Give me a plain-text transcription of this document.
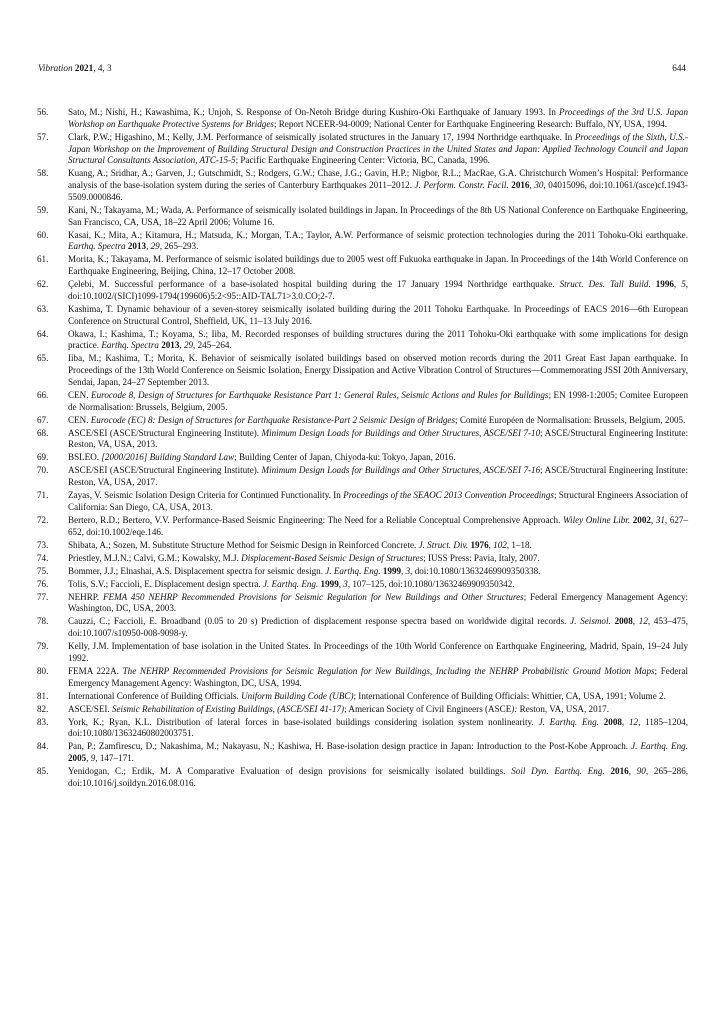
Vibration 2021, 4, 3	644
56.	Sato, M.; Nishi, H.; Kawashima, K.; Unjoh, S. Response of On-Netoh Bridge during Kushiro-Oki Earthquake of January 1993. In Proceedings of the 3rd U.S. Japan Workshop on Earthquake Protective Systems for Bridges; Report NCEER-94-0009; National Center for Earthquake Engineering Research: Buffalo, NY, USA, 1994.
57.	Clark, P.W.; Higashino, M.; Kelly, J.M. Performance of seismically isolated structures in the January 17, 1994 Northridge earthquake. In Proceedings of the Sixth, U.S.-Japan Workshop on the Improvement of Building Structural Design and Construction Practices in the United States and Japan: Applied Technology Council and Japan Structural Consultants Association, ATC-15-5; Pacific Earthquake Engineering Center: Victoria, BC, Canada, 1996.
58.	Kuang, A.; Sridhar, A.; Garven, J.; Gutschmidt, S.; Rodgers, G.W.; Chase, J.G.; Gavin, H.P.; Nigbor, R.L.; MacRae, G.A. Christchurch Women’s Hospital: Performance analysis of the base-isolation system during the series of Canterbury Earthquakes 2011–2012. J. Perform. Constr. Facil. 2016, 30, 04015096, doi:10.1061/(asce)cf.1943-5509.0000846.
59.	Kani, N.; Takayama, M.; Wada, A. Performance of seismically isolated buildings in Japan. In Proceedings of the 8th US National Conference on Earthquake Engineering, San Francisco, CA, USA, 18–22 April 2006; Volume 16.
60.	Kasai, K.; Mita, A.; Kitamura, H.; Matsuda, K.; Morgan, T.A.; Taylor, A.W. Performance of seismic protection technologies during the 2011 Tohoku-Oki earthquake. Earthq. Spectra 2013, 29, 265–293.
61.	Morita, K.; Takayama, M. Performance of seismic isolated buildings due to 2005 west off Fukuoka earthquake in Japan. In Proceedings of the 14th World Conference on Earthquake Engineering, Beijing, China, 12–17 October 2008.
62.	Çelebi, M. Successful performance of a base-isolated hospital building during the 17 January 1994 Northridge earthquake. Struct. Des. Tall Build. 1996, 5, doi:10.1002/(SICI)1099-1794(199606)5:2<95::AID-TAL71>3.0.CO;2-7.
63.	Kashima, T. Dynamic behaviour of a seven-storey seismically isolated building during the 2011 Tohoku Earthquake. In Proceedings of EACS 2016—6th European Conference on Structural Control, Sheffield, UK, 11–13 July 2016.
64.	Okawa, I.; Kashima, T.; Koyama, S.; Iiba, M. Recorded responses of building structures during the 2011 Tohoku-Oki earthquake with some implications for design practice. Earthq. Spectra 2013, 29, 245–264.
65.	Iiba, M.; Kashima, T.; Morita, K. Behavior of seismically isolated buildings based on observed motion records during the 2011 Great East Japan earthquake. In Proceedings of the 13th World Conference on Seismic Isolation, Energy Dissipation and Active Vibration Control of Structures—Commemorating JSSI 20th Anniversary, Sendai, Japan, 24–27 September 2013.
66.	CEN. Eurocode 8, Design of Structures for Earthquake Resistance Part 1: General Rules, Seismic Actions and Rules for Buildings; EN 1998-1:2005; Comitee Europeen de Normalisation: Brussels, Belgium, 2005.
67.	CEN. Eurocode (EC) 8: Design of Structures for Earthquake Resistance-Part 2 Seismic Design of Bridges; Comité Européen de Normalisation: Brussels, Belgium, 2005.
68.	ASCE/SEI (ASCE/Structural Engineering Institute). Minimum Design Loads for Buildings and Other Structures, ASCE/SEI 7-10; ASCE/Structural Engineering Institute: Reston, VA, USA, 2013.
69.	BSLEO. [2000/2016] Building Standard Law; Building Center of Japan, Chiyoda-ku: Tokyo, Japan, 2016.
70.	ASCE/SEI (ASCE/Structural Engineering Institute). Minimum Design Loads for Buildings and Other Structures, ASCE/SEI 7-16; ASCE/Structural Engineering Institute: Reston, VA, USA, 2017.
71.	Zayas, V. Seismic Isolation Design Criteria for Continued Functionality. In Proceedings of the SEAOC 2013 Convention Proceedings; Structural Engineers Association of California: San Diego, CA, USA, 2013.
72.	Bertero, R.D.; Bertero, V.V. Performance-Based Seismic Engineering: The Need for a Reliable Conceptual Comprehensive Approach. Wiley Online Libr. 2002, 31, 627–652, doi:10.1002/eqe.146.
73.	Shibata, A.; Sozen, M. Substitute Structure Method for Seismic Design in Reinforced Concrete. J. Struct. Div. 1976, 102, 1–18.
74.	Priestley, M.J.N.; Calvi, G.M.; Kowalsky, M.J. Displacement-Based Seismic Design of Structures; IUSS Press: Pavia, Italy, 2007.
75.	Bommer, J.J.; Elnashai, A.S. Displacement spectra for seismic design. J. Earthq. Eng. 1999, 3, doi:10.1080/13632469909350338.
76.	Tolis, S.V.; Faccioli, E. Displacement design spectra. J. Earthq. Eng. 1999, 3, 107–125, doi:10.1080/13632469909350342.
77.	NEHRP. FEMA 450 NEHRP Recommended Provisions for Seismic Regulation for New Buildings and Other Structures; Federal Emergency Management Agency: Washington, DC, USA, 2003.
78.	Cauzzi, C.; Faccioli, E. Broadband (0.05 to 20 s) Prediction of displacement response spectra based on worldwide digital records. J. Seismol. 2008, 12, 453–475, doi:10.1007/s10950-008-9098-y.
79.	Kelly, J.M. Implementation of base isolation in the United States. In Proceedings of the 10th World Conference on Earthquake Engineering, Madrid, Spain, 19–24 July 1992.
80.	FEMA 222A. The NEHRP Recommended Provisions for Seismic Regulation for New Buildings, Including the NEHRP Probabilistic Ground Motion Maps; Federal Emergency Management Agency: Washington, DC, USA, 1994.
81.	International Conference of Building Officials. Uniform Building Code (UBC); International Conference of Building Officials: Whittier, CA, USA, 1991; Volume 2.
82.	ASCE/SEI. Seismic Rehabilitation of Existing Buildings, (ASCE/SEI 41-17); American Society of Civil Engineers (ASCE): Reston, VA, USA, 2017.
83.	York, K.; Ryan, K.L. Distribution of lateral forces in base-isolated buildings considering isolation system nonlinearity. J. Earthq. Eng. 2008, 12, 1185–1204, doi:10.1080/13632460802003751.
84.	Pan, P.; Zamfirescu, D.; Nakashima, M.; Nakayasu, N.; Kashiwa, H. Base-isolation design practice in Japan: Introduction to the Post-Kobe Approach. J. Earthq. Eng. 2005, 9, 147–171.
85.	Yenidogan, C.; Erdik, M. A Comparative Evaluation of design provisions for seismically isolated buildings. Soil Dyn. Earthq. Eng. 2016, 90, 265–286, doi:10.1016/j.soildyn.2016.08.016.
